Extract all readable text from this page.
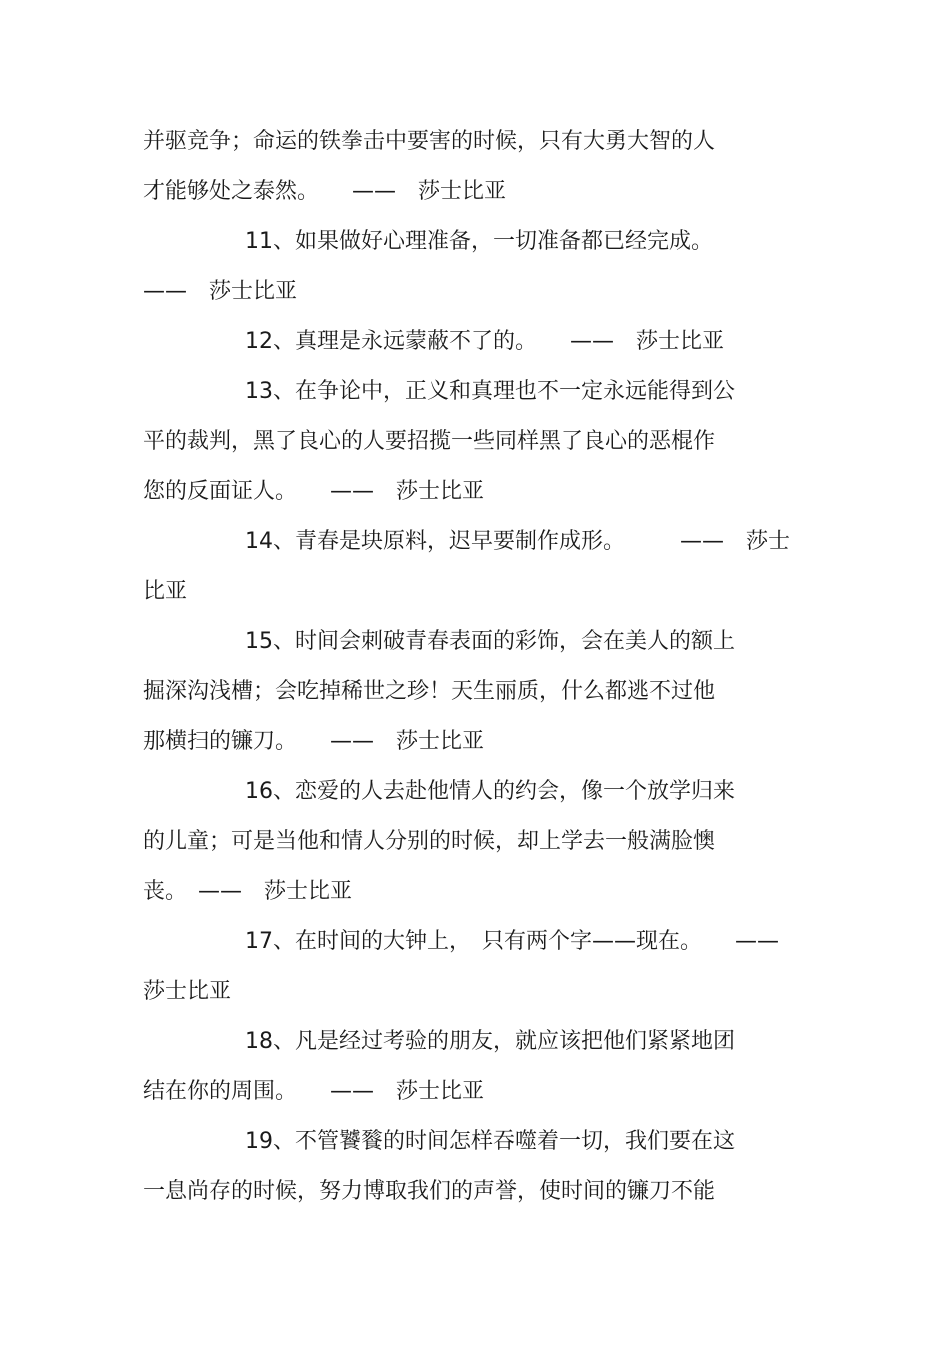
并驱竞争；命运的铁拳击中要害的时候，只有大勇大智的人
才能够处之泰然。　　——　莎士比亚
11、如果做好心理准备，一切准备都已经完成。
——　莎士比亚
12、真理是永远蒙蔽不了的。　　——　莎士比亚
13、在争论中，正义和真理也不一定永远能得到公
平的裁判，黑了良心的人要招揽一些同样黑了良心的恶棍作
您的反面证人。　　——　莎士比亚
14、青春是块原料，迟早要制作成形。　　　——　莎士
比亚
15、时间会刺破青春表面的彩饰，会在美人的额上
掘深沟浅槽；会吃掉稀世之珍！天生丽质，什么都逃不过他
那横扫的镰刀。　　——　莎士比亚
16、恋爱的人去赴他情人的约会，像一个放学归来
的儿童；可是当他和情人分别的时候，却上学去一般满脸懊
丧。　——　莎士比亚
17、在时间的大钟上，　只有两个字——现在。　　——
莎士比亚
18、凡是经过考验的朋友，就应该把他们紧紧地团
结在你的周围。　　——　莎士比亚
19、不管饕餮的时间怎样吞噬着一切，我们要在这
一息尚存的时候，努力博取我们的声誉，使时间的镰刀不能
